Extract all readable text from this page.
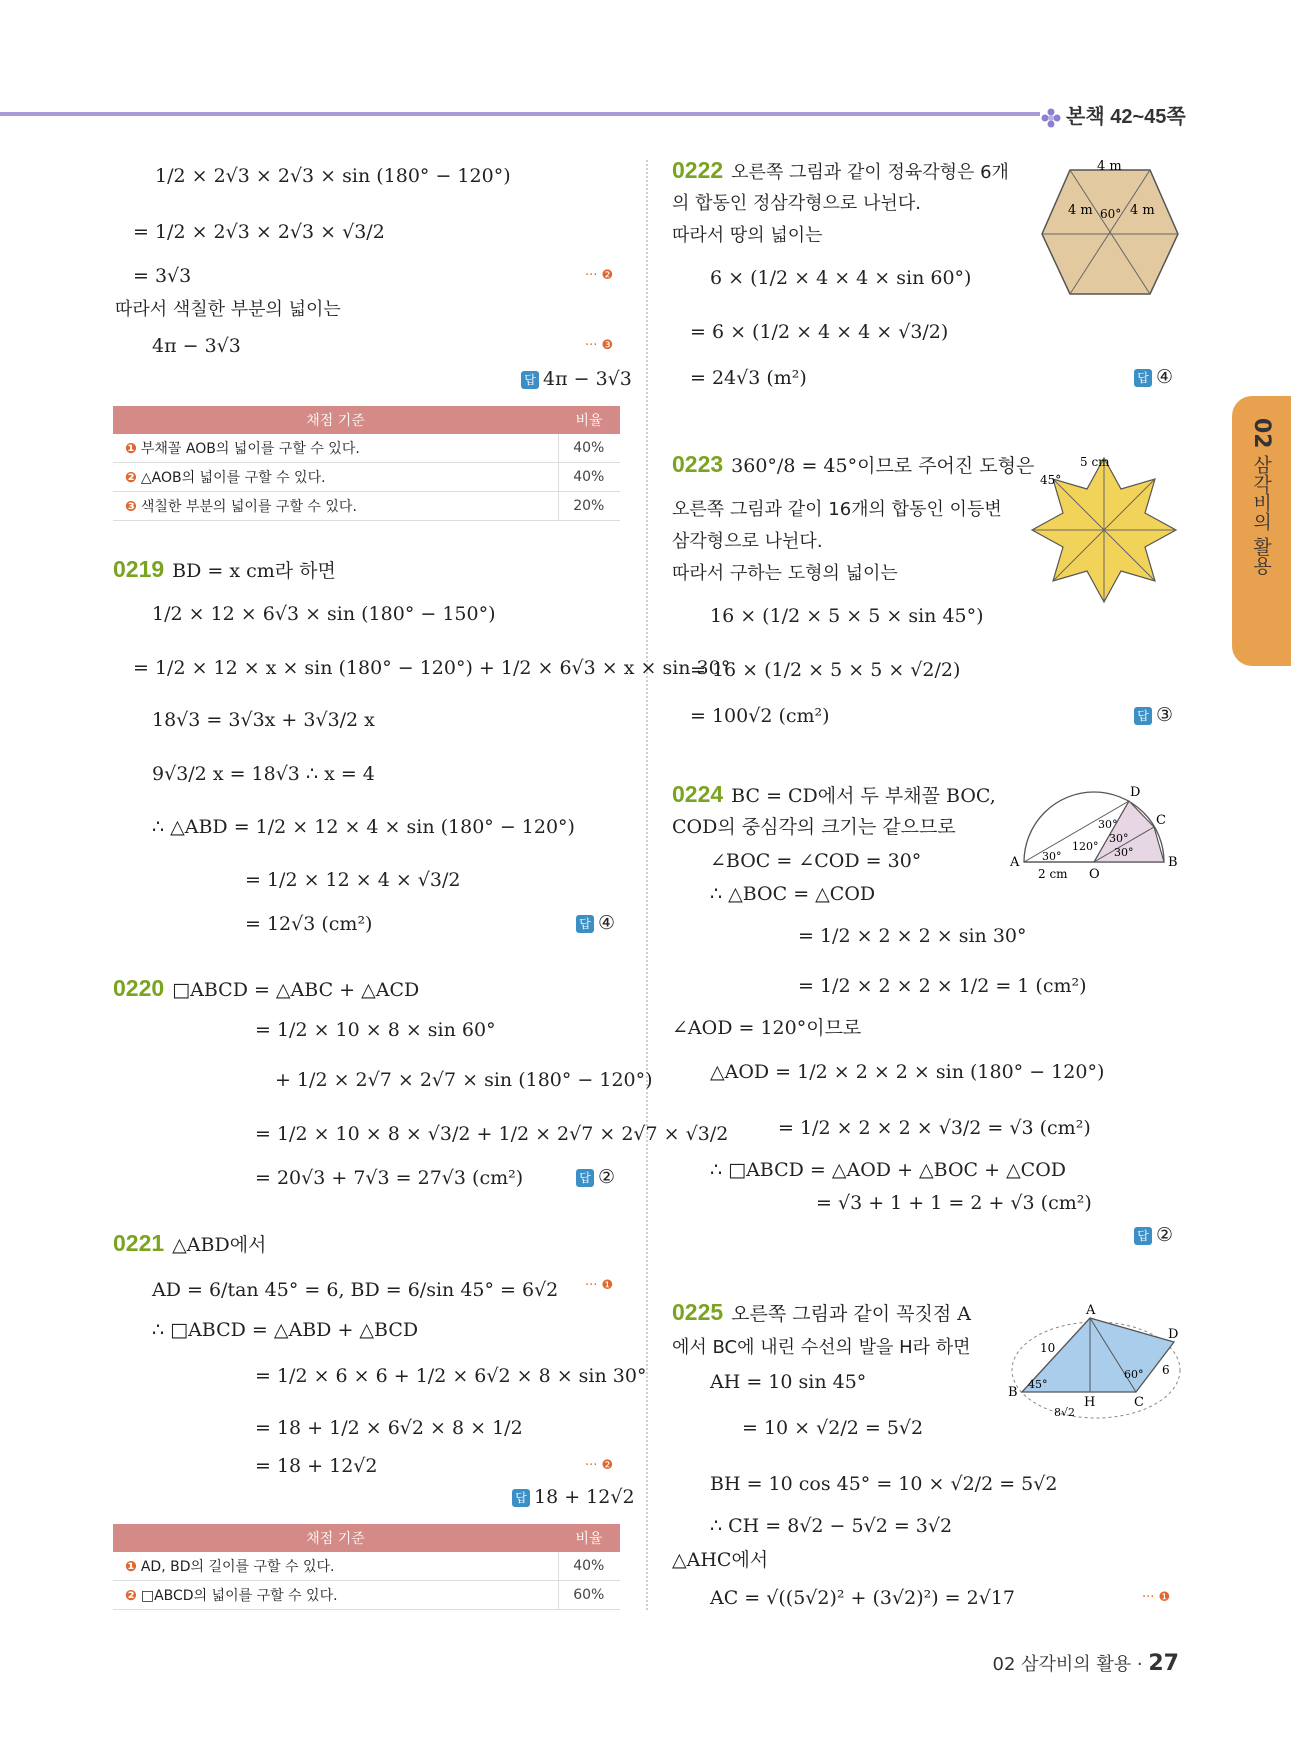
본책 42~45쪽
02 삼각비의 활용
1/2 × 2√3 × 2√3 × sin (180° − 120°)
= 1/2 × 2√3 × 2√3 × √3/2
= 3√3	··· ❷
따라서 색칠한 부분의 넓이는
4π − 3√3	··· ❸
답 4π − 3√3
채점 기준	비율
❶ 부채꼴 AOB의 넓이를 구할 수 있다.	40%
❷ △AOB의 넓이를 구할 수 있다.	40%
❸ 색칠한 부분의 넓이를 구할 수 있다.	20%
0219 BD = x cm라 하면
1/2 × 12 × 6√3 × sin (180° − 150°)
= 1/2 × 12 × x × sin (180° − 120°) + 1/2 × 6√3 × x × sin 30°
18√3 = 3√3x + 3√3/2 x
9√3/2 x = 18√3 ∴ x = 4
∴ △ABD = 1/2 × 12 × 4 × sin (180° − 120°)
= 1/2 × 12 × 4 × √3/2
= 12√3 (cm²)	답 ④
0220 □ABCD = △ABC + △ACD
= 1/2 × 10 × 8 × sin 60°
+ 1/2 × 2√7 × 2√7 × sin (180° − 120°)
= 1/2 × 10 × 8 × √3/2 + 1/2 × 2√7 × 2√7 × √3/2
= 20√3 + 7√3 = 27√3 (cm²)	답 ②
0221 △ABD에서
AD = 6/tan 45° = 6, BD = 6/sin 45° = 6√2 ··· ❶
∴ □ABCD = △ABD + △BCD
= 1/2 × 6 × 6 + 1/2 × 6√2 × 8 × sin 30°
= 18 + 1/2 × 6√2 × 8 × 1/2
= 18 + 12√2	··· ❷
답 18 + 12√2
채점 기준	비율
❶ AD, BD의 길이를 구할 수 있다.	40%
❷ □ABCD의 넓이를 구할 수 있다.	60%
0222 오른쪽 그림과 같이 정육각형은 6개
의 합동인 정삼각형으로 나뉜다.
따라서 땅의 넓이는
6 × (1/2 × 4 × 4 × sin 60°)
= 6 × (1/2 × 4 × 4 × √3/2)
= 24√3 (m²)	답 ④
4 m
4 m	4 m
60°
0223 360°/8 = 45°이므로 주어진 도형은
오른쪽 그림과 같이 16개의 합동인 이등변
삼각형으로 나뉜다.
따라서 구하는 도형의 넓이는
16 × (1/2 × 5 × 5 × sin 45°)
= 16 × (1/2 × 5 × 5 × √2/2)
= 100√2 (cm²)	답 ③
5 cm
45°
0224 BC = CD에서 두 부채꼴 BOC,
COD의 중심각의 크기는 같으므로
∠BOC = ∠COD = 30°
∴ △BOC = △COD
= 1/2 × 2 × 2 × sin 30°
= 1/2 × 2 × 2 × 1/2 = 1 (cm²)
∠AOD = 120°이므로
△AOD = 1/2 × 2 × 2 × sin (180° − 120°)
= 1/2 × 2 × 2 × √3/2 = √3 (cm²)
∴ □ABCD = △AOD + △BOC + △COD
= √3 + 1 + 1 = 2 + √3 (cm²)
답 ②
A	B
C
D
O
2 cm
30°
120°
30°
30°
30°
0225 오른쪽 그림과 같이 꼭짓점 A
에서 BC에 내린 수선의 발을 H라 하면
AH = 10 sin 45°
= 10 × √2/2 = 5√2
BH = 10 cos 45° = 10 × √2/2 = 5√2
∴ CH = 8√2 − 5√2 = 3√2
△AHC에서
AC = √((5√2)² + (3√2)²) = 2√17	··· ❶
A
B
C
D
H
10
8√2
6
45°
60°
02 삼각비의 활용 · 27
